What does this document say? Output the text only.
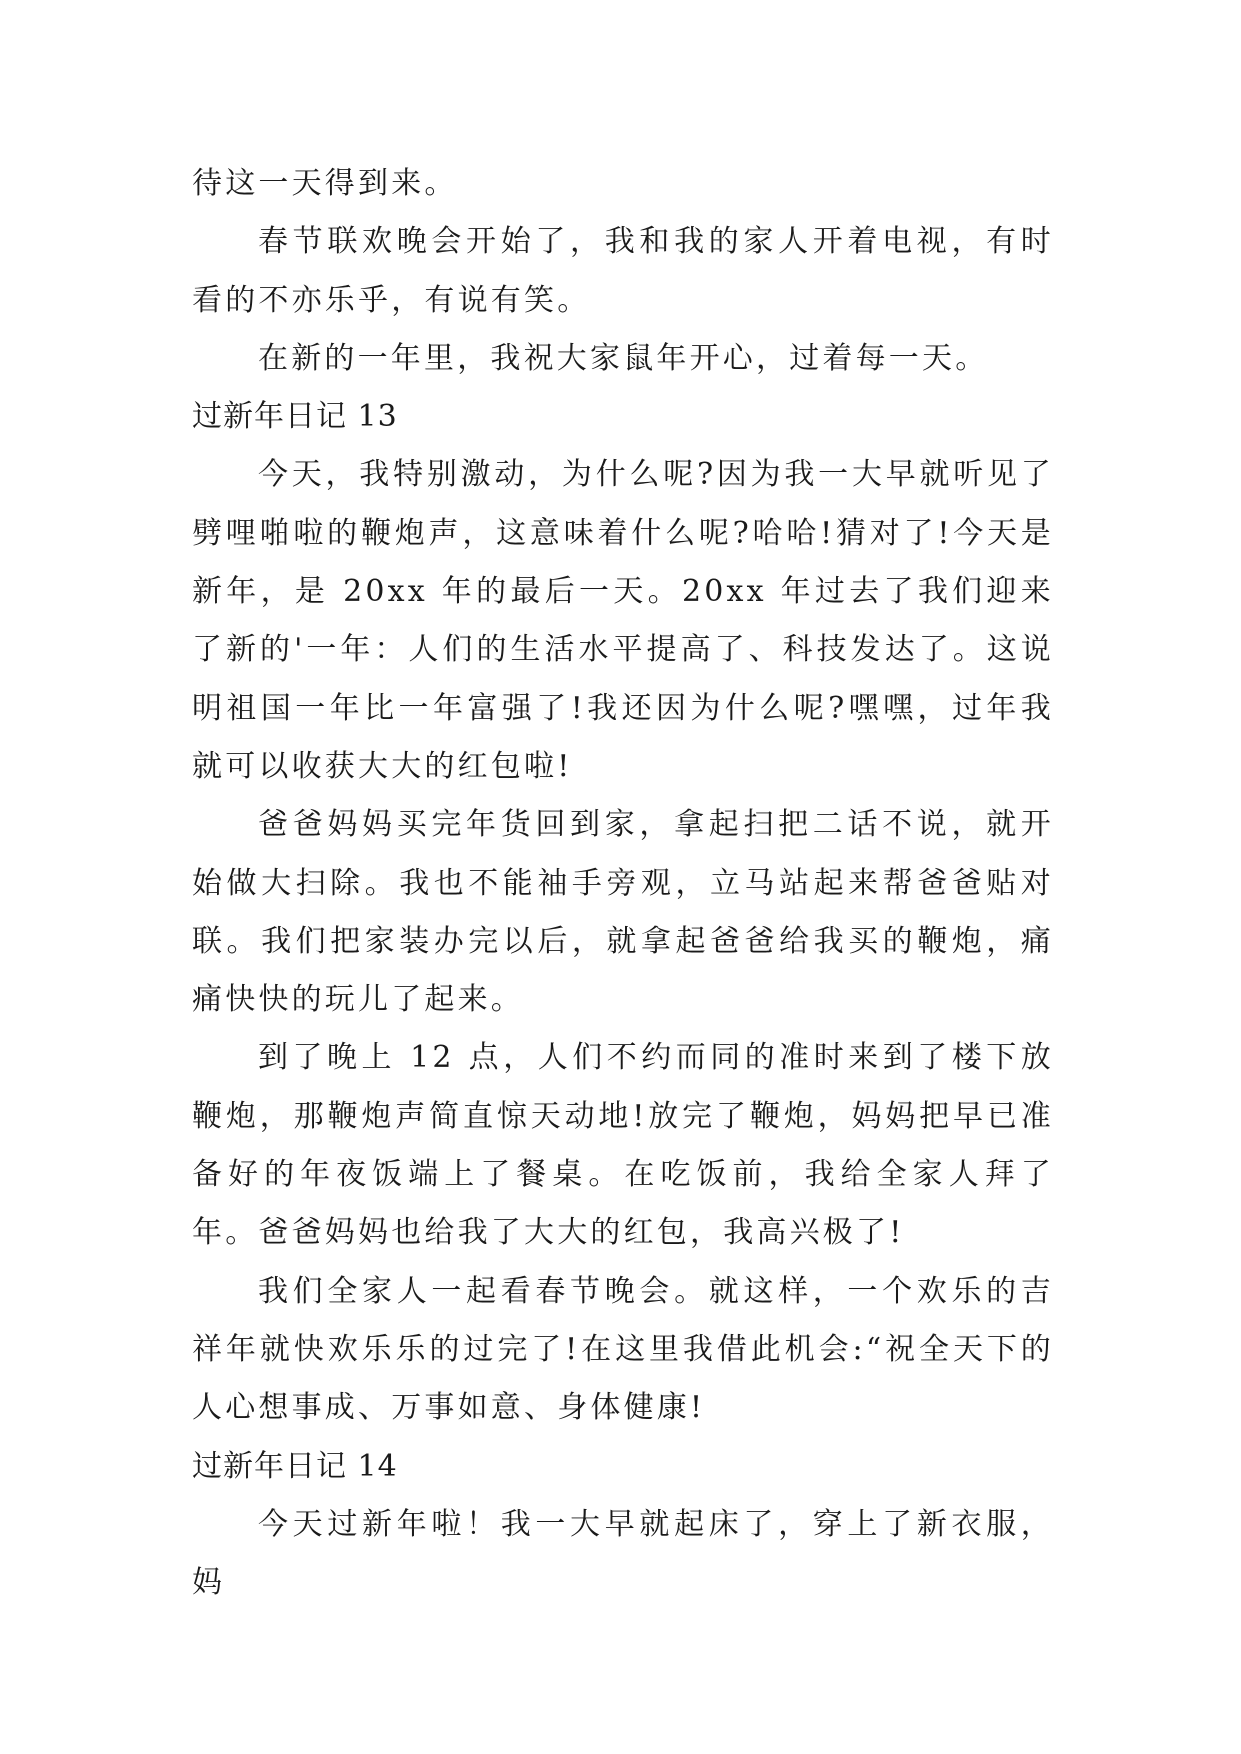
待这一天得到来。

春节联欢晚会开始了，我和我的家人开着电视，有时看的不亦乐乎，有说有笑。

在新的一年里，我祝大家鼠年开心，过着每一天。

过新年日记 13

今天，我特别激动，为什么呢?因为我一大早就听见了劈哩啪啦的鞭炮声，这意味着什么呢?哈哈!猜对了!今天是新年，是 20xx 年的最后一天。20xx 年过去了我们迎来了新的'一年：人们的生活水平提高了、科技发达了。这说明祖国一年比一年富强了!我还因为什么呢?嘿嘿，过年我就可以收获大大的红包啦!

爸爸妈妈买完年货回到家，拿起扫把二话不说，就开始做大扫除。我也不能袖手旁观，立马站起来帮爸爸贴对联。我们把家装办完以后，就拿起爸爸给我买的鞭炮，痛痛快快的玩儿了起来。

到了晚上 12 点，人们不约而同的准时来到了楼下放鞭炮，那鞭炮声简直惊天动地!放完了鞭炮，妈妈把早已准备好的年夜饭端上了餐桌。在吃饭前，我给全家人拜了年。爸爸妈妈也给我了大大的红包，我高兴极了!

我们全家人一起看春节晚会。就这样，一个欢乐的吉祥年就快欢乐乐的过完了!在这里我借此机会:“祝全天下的人心想事成、万事如意、身体健康!

过新年日记 14

今天过新年啦！我一大早就起床了，穿上了新衣服，妈
